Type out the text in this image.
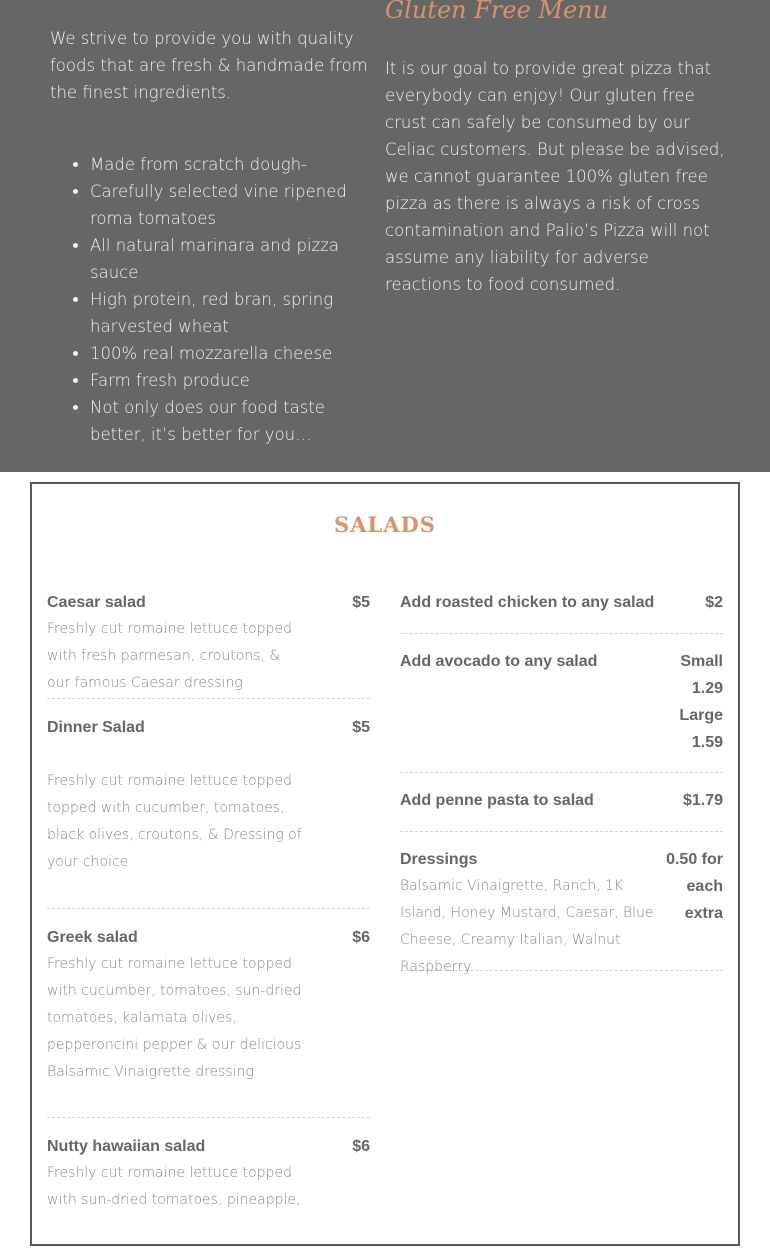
We strive to provide you with quality foods that are fresh & handmade from the finest ingredients.

• Made from scratch dough-
• Carefully selected vine ripened roma tomatoes
• All natural marinara and pizza sauce
• High protein, red bran, spring harvested wheat
• 100% real mozzarella cheese
• Farm fresh produce
• Not only does our food taste better, it’s better for you…
Gluten Free Menu

It is our goal to provide great pizza that everybody can enjoy! Our gluten free crust can safely be consumed by our Celiac customers. But please be advised, we cannot guarantee 100% gluten free pizza as there is always a risk of cross contamination and Palio’s Pizza will not assume any liability for adverse reactions to food consumed.

SALADS
Caesar salad	$5
Freshly cut romaine lettuce topped with fresh parmesan, croutons, & our famous Caesar dressing
Dinner Salad	$5
Freshly cut romaine lettuce topped topped with cucumber, tomatoes, black olives, croutons, & Dressing of your choice
Greek salad	$6
Freshly cut romaine lettuce topped with cucumber, tomatoes, sun-dried tomatoes, kalamata olives, pepperoncini pepper & our delicious Balsamic Vinaigrette dressing
Nutty hawaiian salad	$6
Freshly cut romaine lettuce topped with sun-dried tomatoes, pineapple,
Add roasted chicken to any salad	$2
Add avocado to any salad	Small 1.29 Large 1.59
Add penne pasta to salad	$1.79
Dressings	0.50 for each extra
Balsamic Vinaigrette, Ranch, 1K Island, Honey Mustard, Caesar, Blue Cheese, Creamy Italian, Walnut Raspberry
